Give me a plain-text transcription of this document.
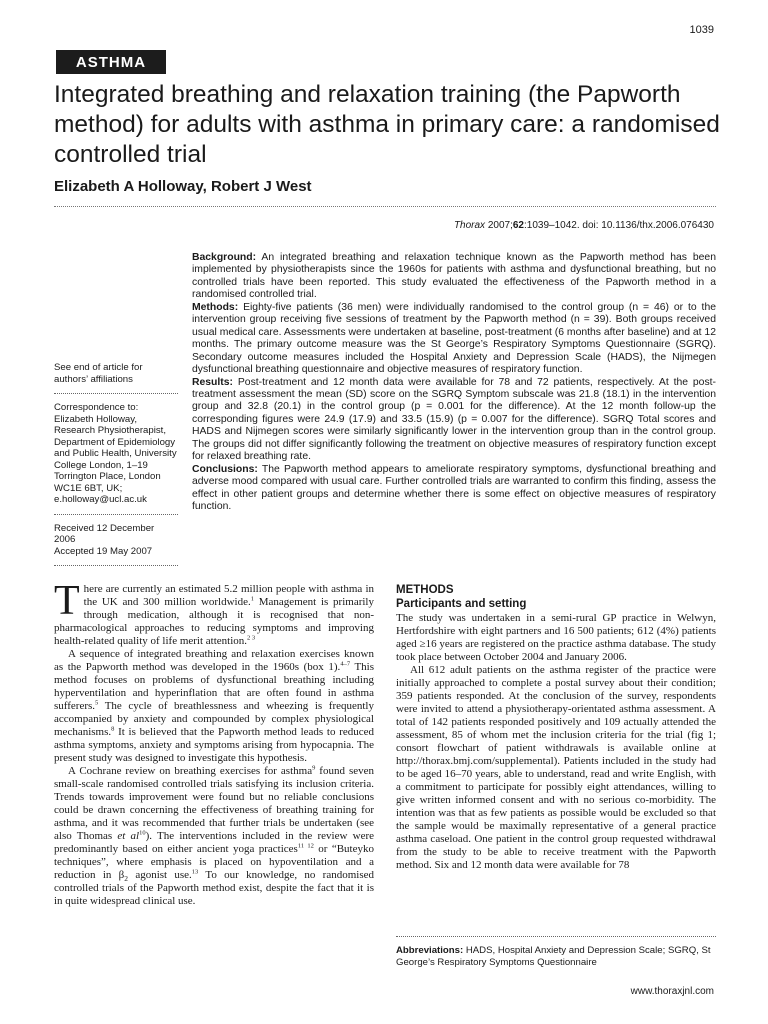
1039
ASTHMA
Integrated breathing and relaxation training (the Papworth method) for adults with asthma in primary care: a randomised controlled trial
Elizabeth A Holloway, Robert J West
Thorax 2007;62:1039–1042. doi: 10.1136/thx.2006.076430

See end of article for authors’ affiliations

Correspondence to:
Elizabeth Holloway,
Research Physiotherapist,
Department of Epidemiology
and Public Health, University
College London, 1–19
Torrington Place, London
WC1E 6BT, UK;
e.holloway@ucl.ac.uk
Received 12 December 2006
Accepted 19 May 2007

Background: An integrated breathing and relaxation technique known as the Papworth method has been implemented by physiotherapists since the 1960s for patients with asthma and dysfunctional breathing, but no controlled trials have been reported. This study evaluated the effectiveness of the Papworth method in a randomised controlled trial.

Methods: Eighty-five patients (36 men) were individually randomised to the control group (n = 46) or to the intervention group receiving five sessions of treatment by the Papworth method (n = 39). Both groups received usual medical care. Assessments were undertaken at baseline, post-treatment (6 months after baseline) and at 12 months. The primary outcome measure was the St George’s Respiratory Symptoms Questionnaire (SGRQ). Secondary outcome measures included the Hospital Anxiety and Depression Scale (HADS), the Nijmegen dysfunctional breathing questionnaire and objective measures of respiratory function.

Results: Post-treatment and 12 month data were available for 78 and 72 patients, respectively. At the post-treatment assessment the mean (SD) score on the SGRQ Symptom subscale was 21.8 (18.1) in the intervention group and 32.8 (20.1) in the control group (p = 0.001 for the difference). At the 12 month follow-up the corresponding figures were 24.9 (17.9) and 33.5 (15.9) (p = 0.007 for the difference). SGRQ Total scores and HADS and Nijmegen scores were similarly significantly lower in the intervention group than in the control group. The groups did not differ significantly following the treatment on objective measures of respiratory function except for relaxed breathing rate.

Conclusions: The Papworth method appears to ameliorate respiratory symptoms, dysfunctional breathing and adverse mood compared with usual care. Further controlled trials are warranted to confirm this finding, assess the effect in other patient groups and determine whether there is some effect on objective measures of respiratory function.

There are currently an estimated 5.2 million people with asthma in the UK and 300 million worldwide.$^1$ Management is primarily through medication, although it is recognised that non-pharmacological approaches to reducing symptoms and improving health-related quality of life merit attention.$^{2 3}$

A sequence of integrated breathing and relaxation exercises known as the Papworth method was developed in the 1960s (box 1).$^{4-7}$ This method focuses on problems of dysfunctional breathing including hyperventilation and hyperinflation that are often found in asthma sufferers.$^5$ The cycle of breathlessness and wheezing is frequently accompanied by anxiety and compounded by complex physiological mechanisms.$^8$ It is believed that the Papworth method leads to reduced asthma symptoms, anxiety and symptoms arising from hypocapnia. The present study was designed to investigate this hypothesis.

A Cochrane review on breathing exercises for asthma$^9$ found seven small-scale randomised controlled trials satisfying its inclusion criteria. Trends towards improvement were found but no reliable conclusions could be drawn concerning the effectiveness of breathing training for asthma, and it was recommended that further trials be undertaken (see also Thomas et $al^{10}$). The interventions included in the review were predominantly based on either ancient yoga practices$^{11 12}$ or “Buteyko techniques”, where emphasis is placed on hypoventilation and a reduction in $\beta_2$ agonist use.$^{13}$ To our knowledge, no randomised controlled trials of the Papworth method exist, despite the fact that it is in quite widespread clinical use.

METHODS
Participants and setting

The study was undertaken in a semi-rural GP practice in Welwyn, Hertfordshire with eight partners and 16 500 patients; 612 (4%) patients aged ≥16 years are registered on the practice asthma database. The study took place between October 2004 and January 2006.

All 612 adult patients on the asthma register of the practice were initially approached to complete a postal survey about their condition; 359 patients responded. At the conclusion of the survey, respondents were invited to attend a physiotherapy-orientated asthma assessment. A total of 142 patients responded positively and 109 actually attended the assessment, 85 of whom met the inclusion criteria for the trial (fig 1; consort flowchart of patient withdrawals is available online at http://thorax.bmj.com/supplemental). Patients included in the study had to be aged 16–70 years, able to understand, read and write English, with a commitment to participate for possibly eight attendances, willing to give written informed consent and with no serious co-morbidity. The intention was that as few patients as possible would be excluded so that the sample would be maximally representative of a general practice asthma caseload. One patient in the control group requested withdrawal from the study to be able to receive treatment with the Papworth method. Six and 12 month data were available for 78

Abbreviations: HADS, Hospital Anxiety and Depression Scale; SGRQ, St George’s Respiratory Symptoms Questionnaire
www.thoraxjnl.com
